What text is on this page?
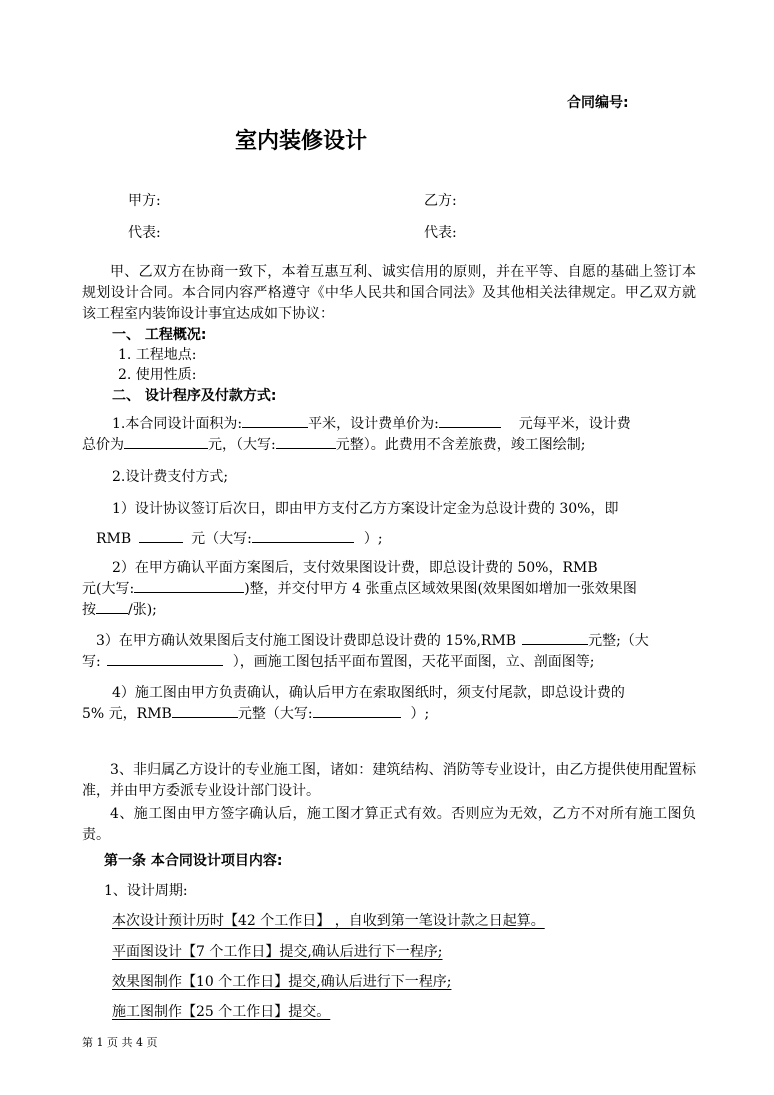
合同编号:
室内装修设计
甲方:	乙方:
代表:	代表:
甲、乙双方在协商一致下，本着互惠互利、诚实信用的原则，并在平等、自愿的基础上签订本规划设计合同。本合同内容严格遵守《中华人民共和国合同法》及其他相关法律规定。甲乙双方就该工程室内装饰设计事宜达成如下协议：
一、 工程概况:
1. 工程地点:
2. 使用性质:
二、 设计程序及付款方式:
1.本合同设计面积为:	平米，设计费单价为:	元每平米，设计费
总价为	元，（大写:	元整）。此费用不含差旅费，竣工图绘制;
2.设计费支付方式;
1）设计协议签订后次日，即由甲方支付乙方方案设计定金为总设计费的 30%，即
RMB	元（大写:	）;
2）在甲方确认平面方案图后，支付效果图设计费，即总设计费的 50%，RMB
元(大写:	)整，并交付甲方 4 张重点区域效果图(效果图如增加一张效果图
按 /张);
3）在甲方确认效果图后支付施工图设计费即总设计费的 15%,RMB	元整;（大
写:	），画施工图包括平面布置图，天花平面图，立、剖面图等;
4）施工图由甲方负责确认，确认后甲方在索取图纸时，须支付尾款，即总设计费的
5% 元，RMB	元整（大写:	）;
3、非归属乙方设计的专业施工图，诸如：建筑结构、消防等专业设计，由乙方提供使用配置标准，并由甲方委派专业设计部门设计。
4、施工图由甲方签字确认后，施工图才算正式有效。否则应为无效，乙方不对所有施工图负责。
第一条 本合同设计项目内容:
1、设计周期:
本次设计预计历时【42 个工作日】 ，自收到第一笔设计款之日起算。
平面图设计【7 个工作日】提交,确认后进行下一程序;
效果图制作【10 个工作日】提交,确认后进行下一程序;
施工图制作【25 个工作日】提交。
第 1 页 共 4 页
